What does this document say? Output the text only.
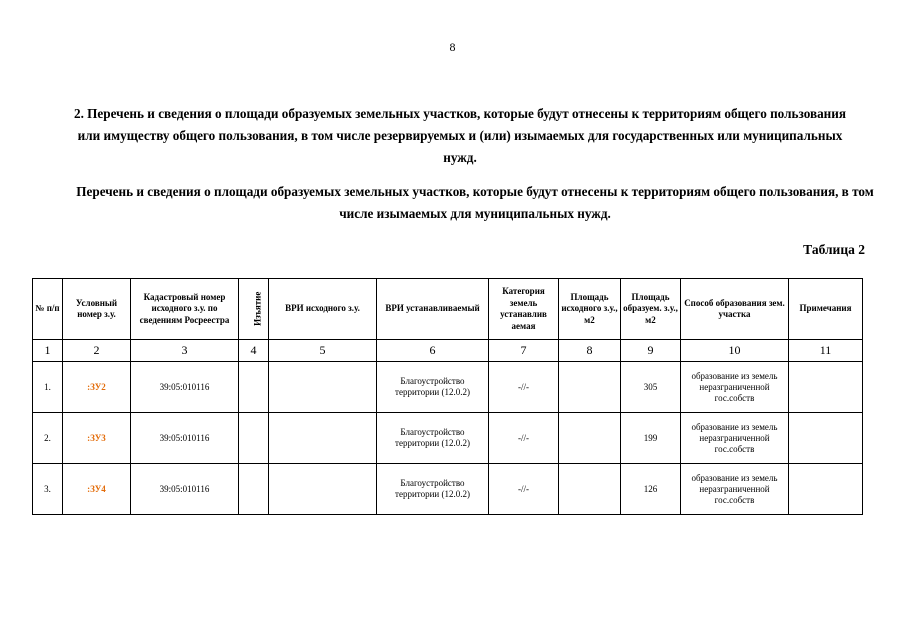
8
2. Перечень и сведения о площади образуемых земельных участков, которые будут отнесены к территориям общего пользования или имуществу общего пользования, в том числе резервируемых и (или) изымаемых для государственных или муниципальных нужд.
Перечень и сведения о площади образуемых земельных участков, которые будут отнесены к территориям общего пользования, в том числе изымаемых для муниципальных нужд.
Таблица 2
№ п/п	Условный номер з.у.	Кадастровый номер исходного з.у. по сведениям Росреестра	Изъятие	ВРИ исходного з.у.	ВРИ устанавливаемый	Категория земель устанавлив аемая	Площадь исходного з.у., м2	Площадь образуем. з.у., м2	Способ образования зем. участка	Примечания
1	2	3	4	5	6	7	8	9	10	11
1.	:ЗУ2	39:05:010116			Благоустройство территории (12.0.2)	-//-		305	образование из земель неразграниченной гос.собств	
2.	:ЗУ3	39:05:010116			Благоустройство территории (12.0.2)	-//-		199	образование из земель неразграниченной гос.собств	
3.	:ЗУ4	39:05:010116			Благоустройство территории (12.0.2)	-//-		126	образование из земель неразграниченной гос.собств	
